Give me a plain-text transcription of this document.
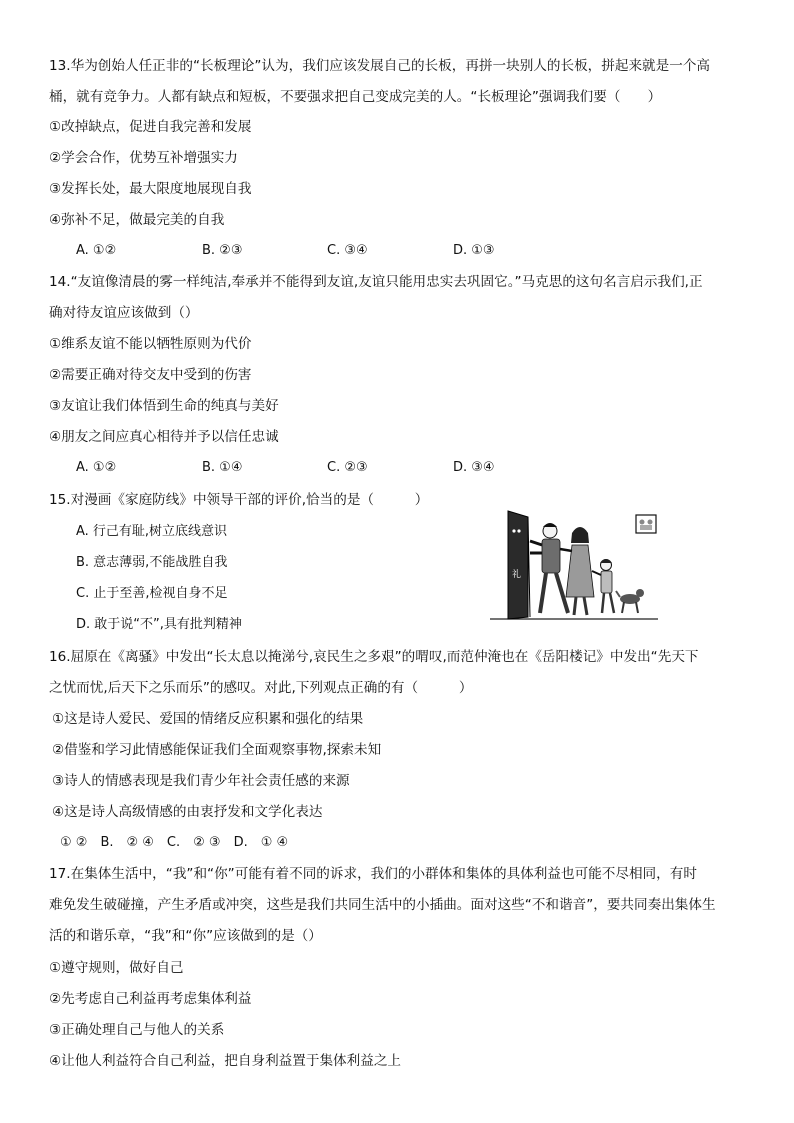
13.华为创始人任正非的“长板理论”认为，我们应该发展自己的长板，再拼一块别人的长板，拼起来就是一个高
桶，就有竞争力。人都有缺点和短板，不要强求把自己变成完美的人。“长板理论”强调我们要（　　）
①改掉缺点，促进自我完善和发展
②学会合作，优势互补增强实力
③发挥长处，最大限度地展现自我
④弥补不足，做最完美的自我
A. ①②	B. ②③	C. ③④	D. ①③
14.“友谊像清晨的雾一样纯洁,奉承并不能得到友谊,友谊只能用忠实去巩固它。”马克思的这句名言启示我们,正
确对待友谊应该做到（）
①维系友谊不能以牺牲原则为代价
②需要正确对待交友中受到的伤害
③友谊让我们体悟到生命的纯真与美好
④朋友之间应真心相待并予以信任忠诚
A. ①②	B. ①④	C. ②③	D. ③④
15.对漫画《家庭防线》中领导干部的评价,恰当的是（　　　）
A. 行己有耻,树立底线意识
B. 意志薄弱,不能战胜自我
C. 止于至善,检视自身不足
D. 敢于说“不”,具有批判精神
礼
16.屈原在《离骚》中发出“长太息以掩涕兮,哀民生之多艰”的喟叹,而范仲淹也在《岳阳楼记》中发出“先天下
之忧而忧,后天下之乐而乐”的感叹。对此,下列观点正确的有（　　　）
①这是诗人爱民、爱国的情绪反应积累和强化的结果
②借鉴和学习此情感能保证我们全面观察事物,探索未知
③诗人的情感表现是我们青少年社会责任感的来源
④这是诗人高级情感的由衷抒发和文学化表达
① ②　B.　② ④　C.　② ③　D.　① ④
17.在集体生活中，“我”和“你”可能有着不同的诉求，我们的小群体和集体的具体利益也可能不尽相同，有时
难免发生破碰撞，产生矛盾或冲突，这些是我们共同生活中的小插曲。面对这些“不和谐音”，要共同奏出集体生
活的和谐乐章，“我”和“你”应该做到的是（）
①遵守规则，做好自己
②先考虑自己利益再考虑集体利益
③正确处理自己与他人的关系
④让他人利益符合自己利益，把自身利益置于集体利益之上
